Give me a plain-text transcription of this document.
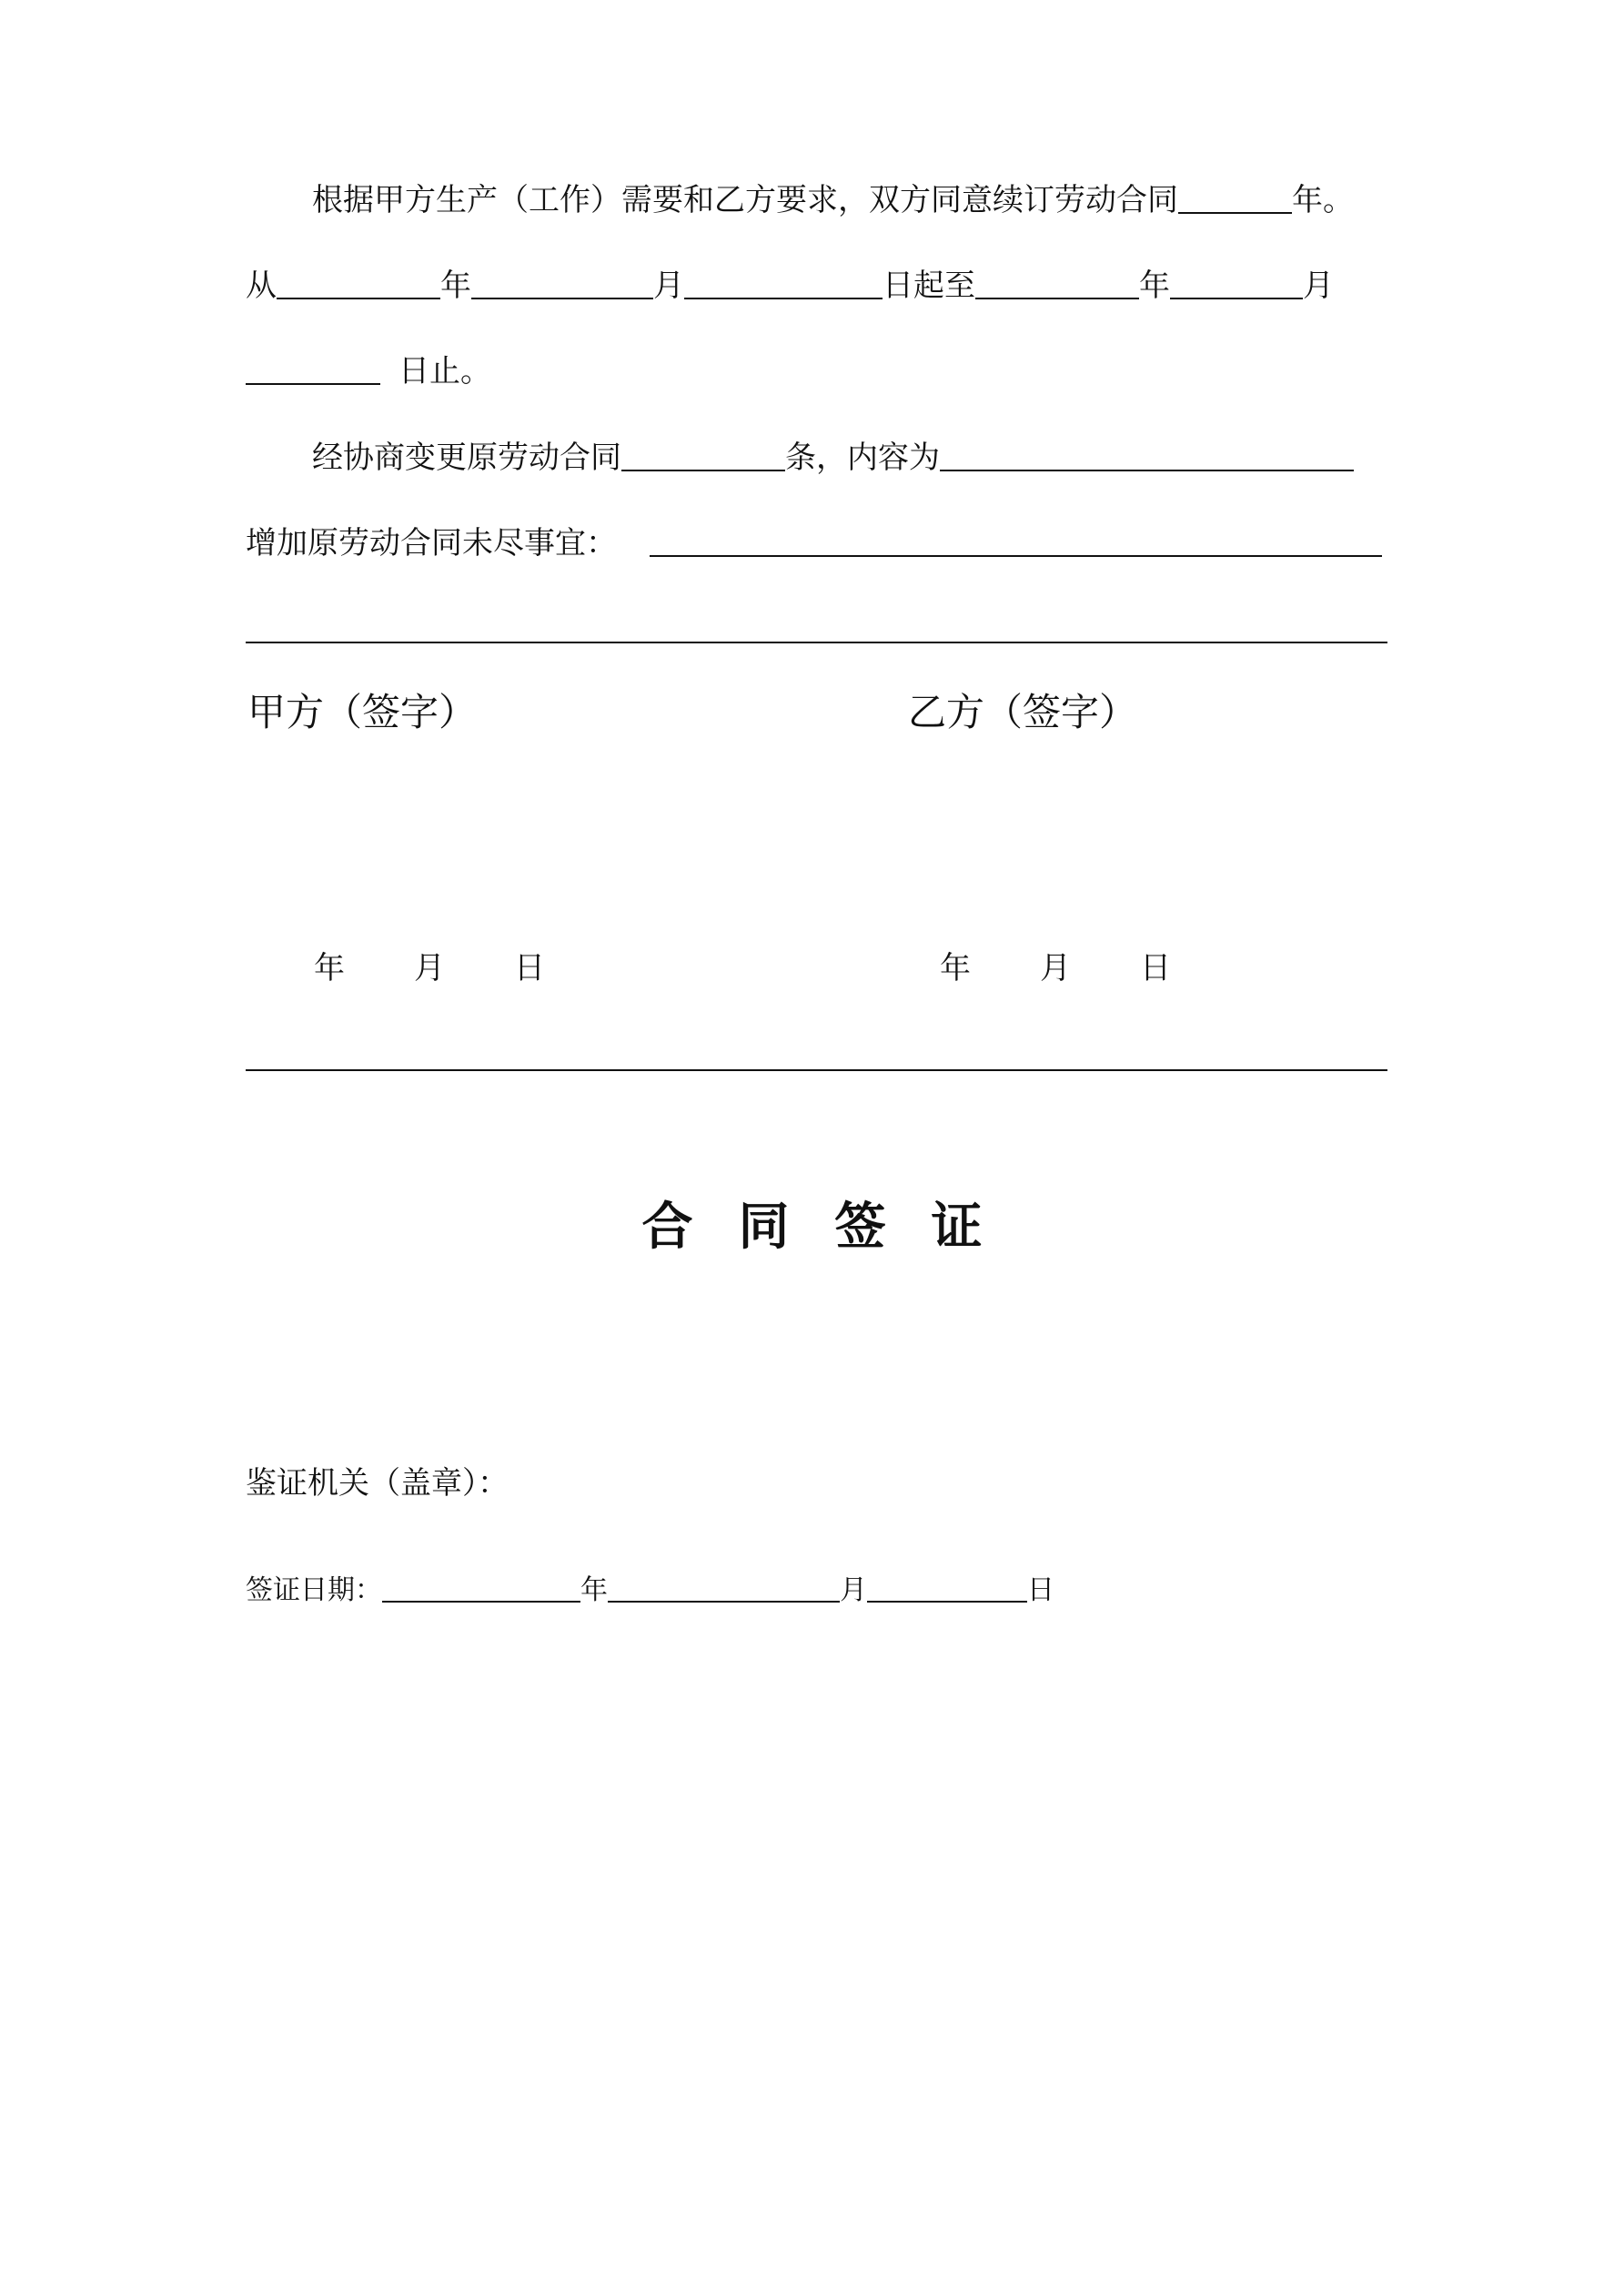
根据甲方生产（工作）需要和乙方要求，双方同意续订劳动合同	年。
从	年	月	日起至	年	月
日止。
经协商变更原劳动合同	条，内容为
增加原劳动合同未尽事宜：
甲方（签字）	乙方（签字）
年 月 日	年 月 日
合同签证
鉴证机关（盖章）：
签证日期：	年	月	日
